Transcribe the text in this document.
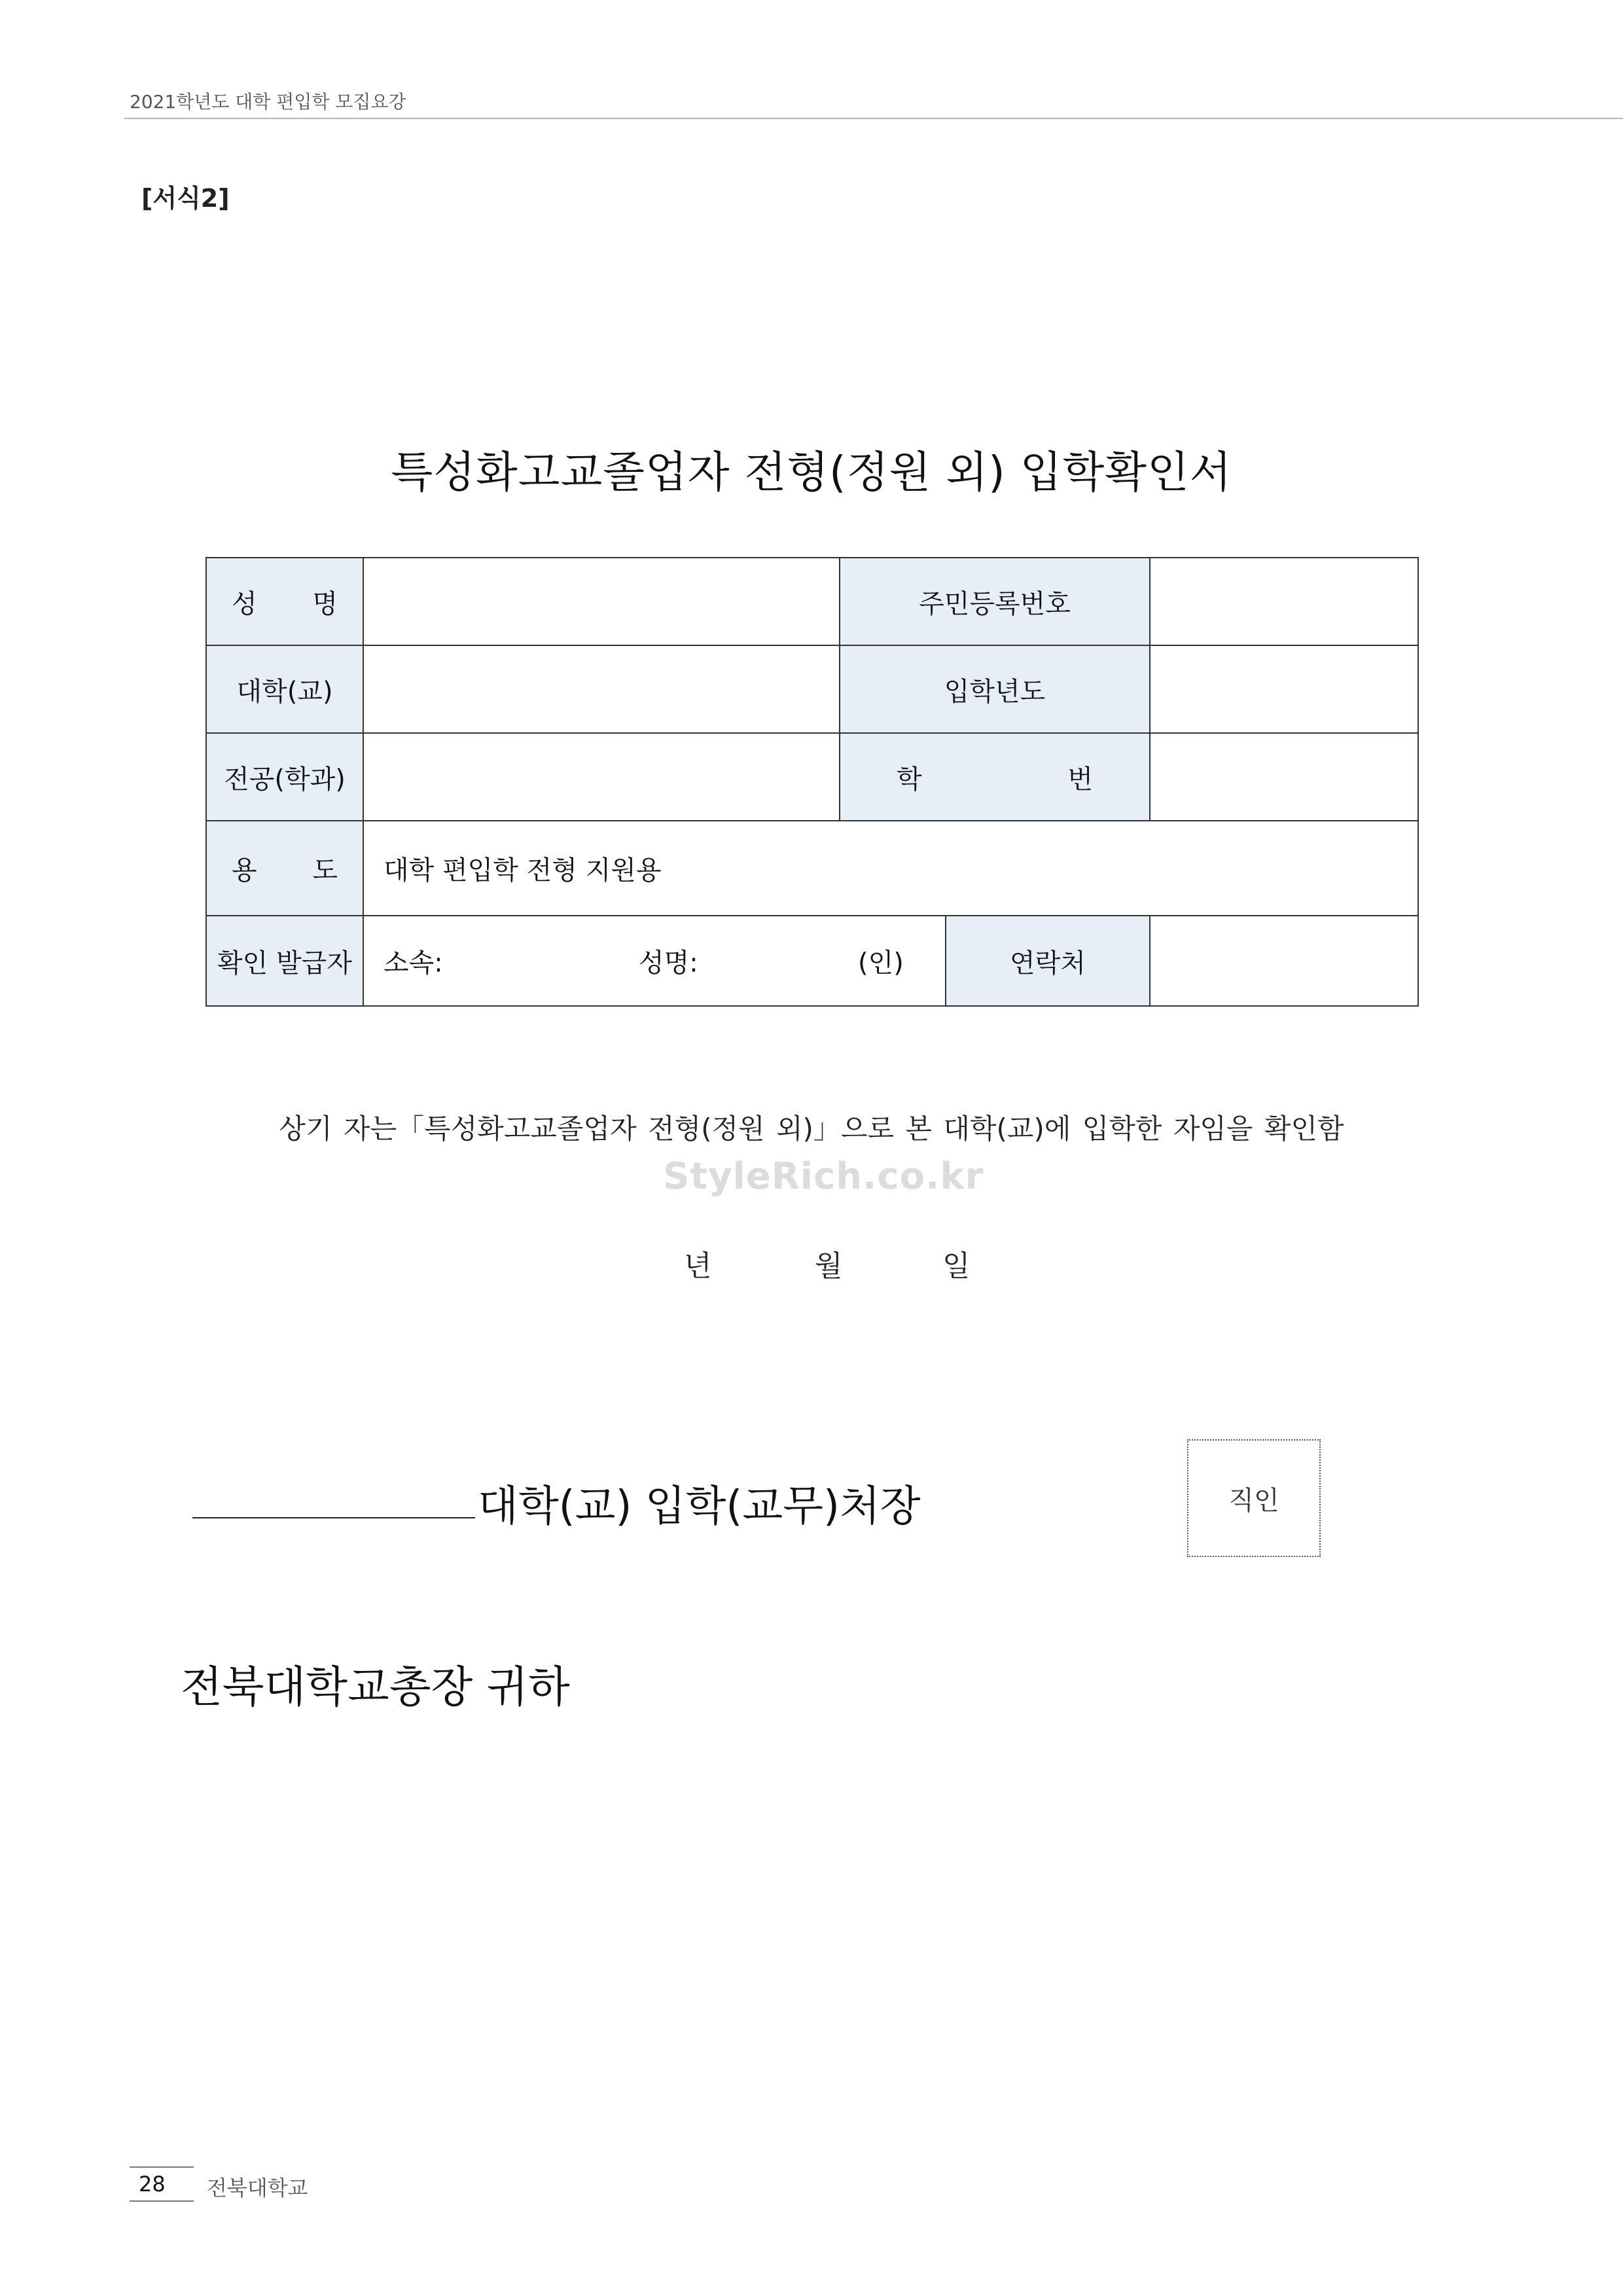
2021학년도 대학 편입학 모집요강
[서식2]
특성화고교졸업자 전형(정원 외) 입학확인서
성 명		주민등록번호		
대학(교)		입학년도		
전공(학과)		학 번		

용 도	대학 편입학 전형 지원용			
확인 발급자	소속: 성명: (인)		연락처	
상기 자는「특성화고교졸업자 전형(정원 외)」으로 본 대학(교)에 입학한 자임을 확인함
StyleRich.co.kr
년	월	일
대학(교) 입학(교무)처장	직인
전북대학교총장 귀하
28 전북대학교
